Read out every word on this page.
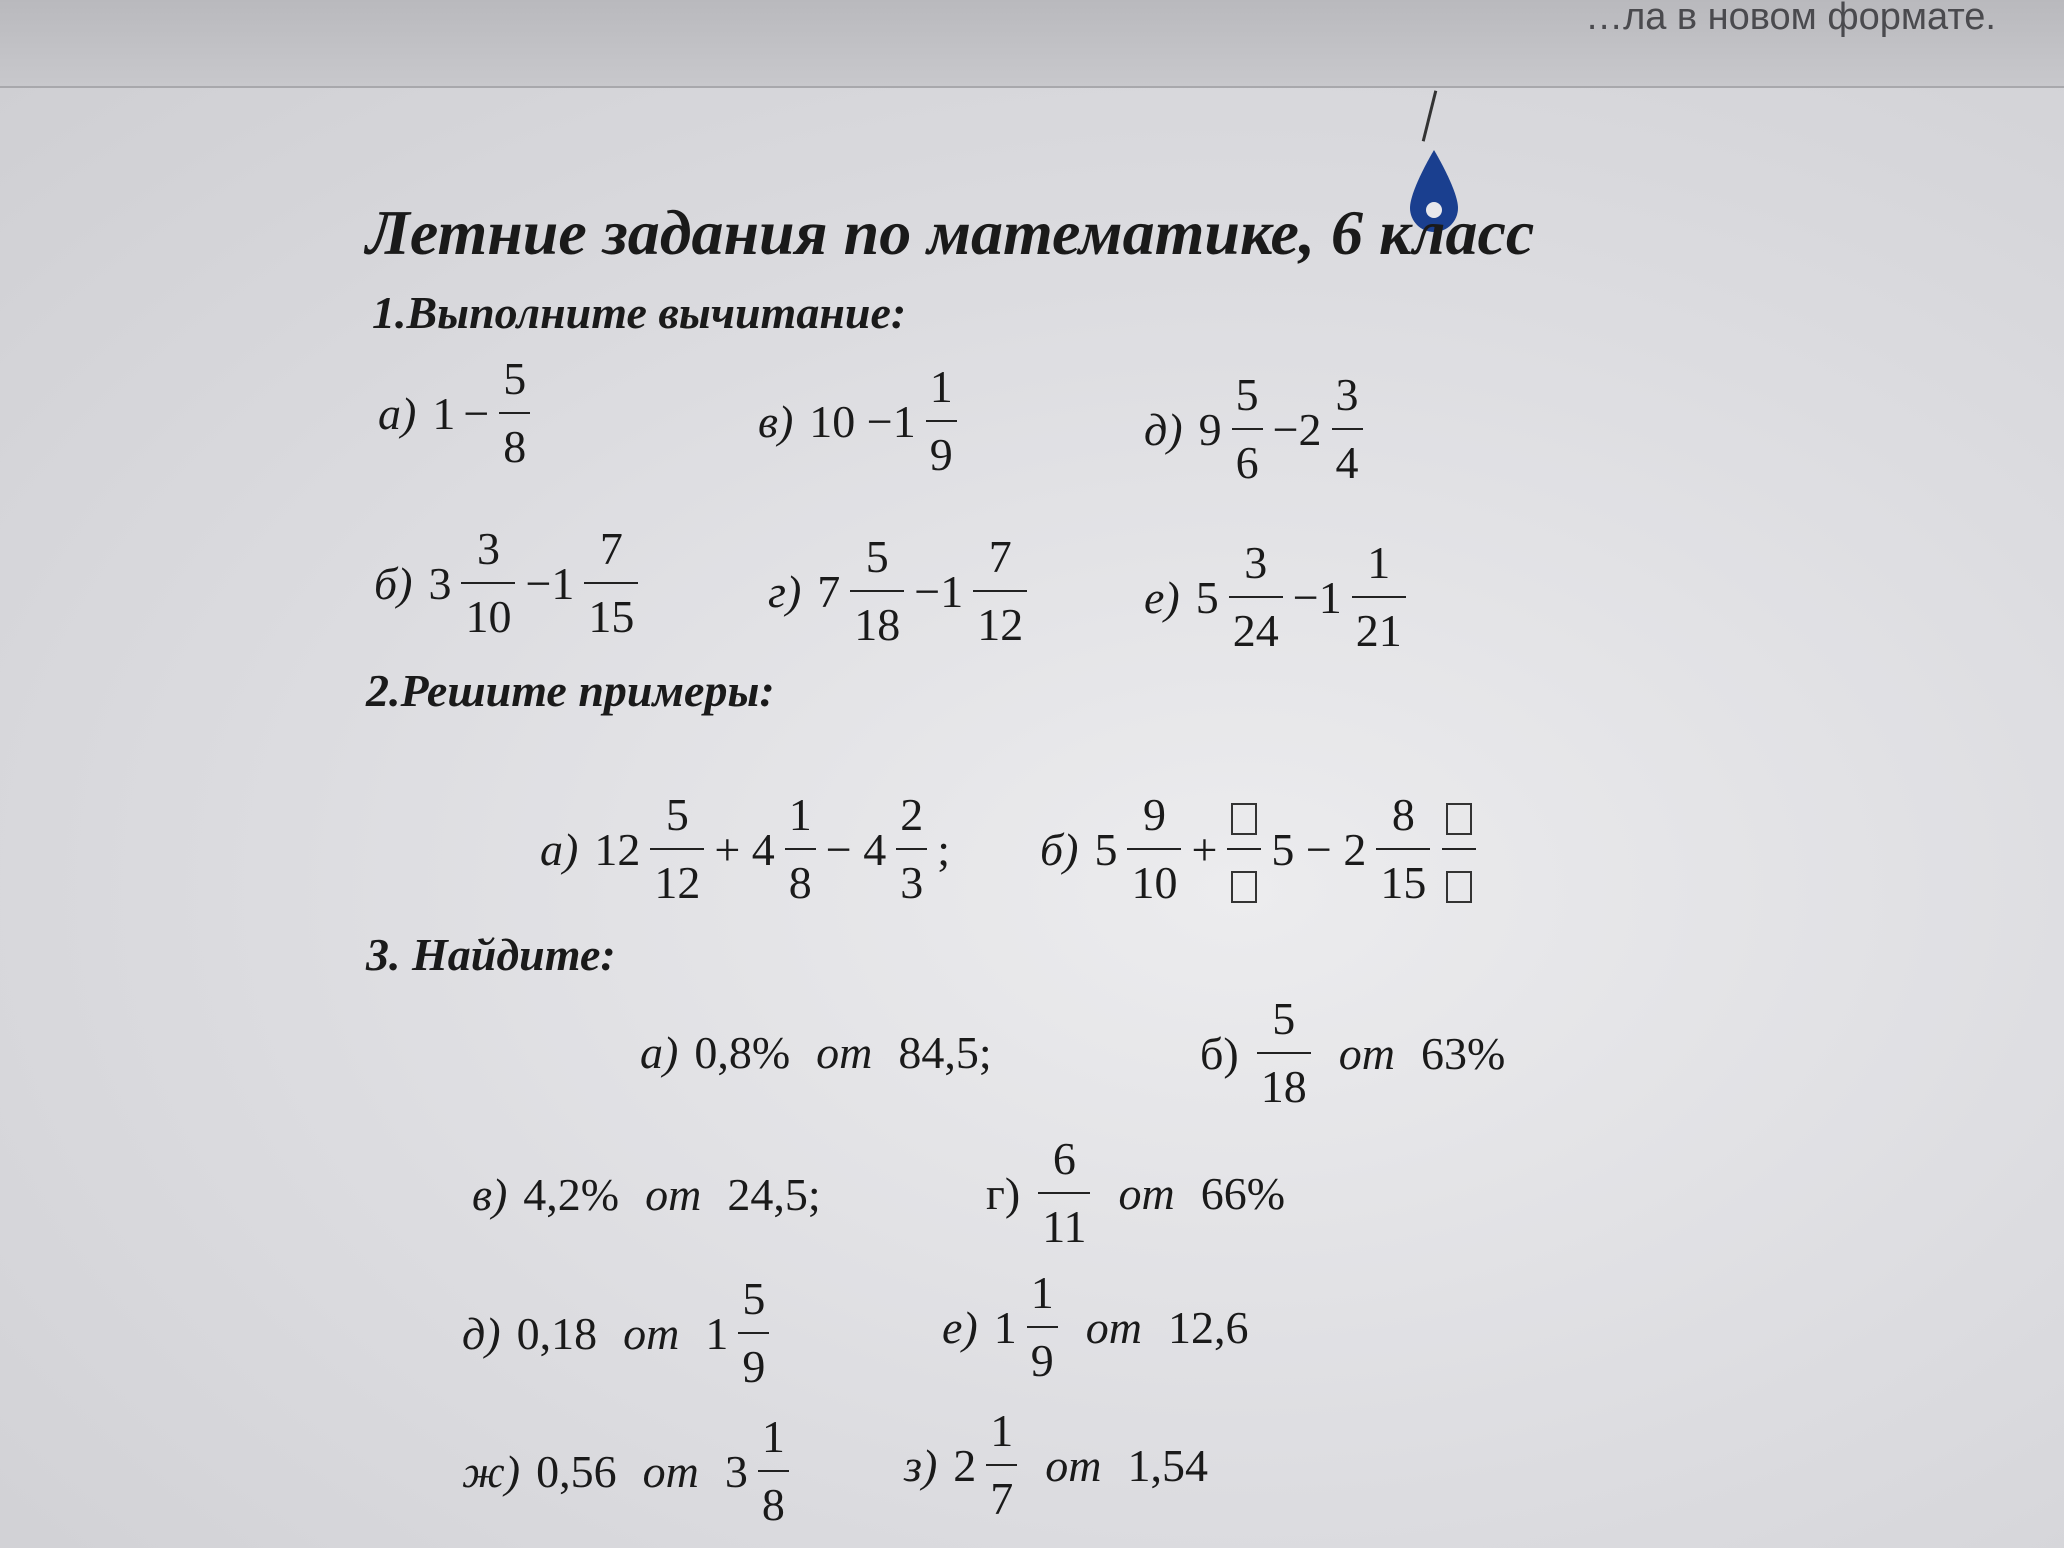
…ла в новом формате.
Летние задания по математике, 6 класс
1.Выполните вычитание:
а) $1 - \frac{5}{8}$	в) $10 -1 \frac{1}{9}$	д) $9 \frac{5}{6} -2 \frac{3}{4}$
б) $3 \frac{3}{10} -1 \frac{7}{15}$	г) $7 \frac{5}{18} -1 \frac{7}{12}$	е) $5 \frac{3}{24} -1 \frac{1}{21}$
2.Решите примеры:
а) $12 \frac{5}{12} + 4 \frac{1}{8} - 4 \frac{2}{3}$ ; б) $5 \frac{9}{10} + 5 - 2 \frac{8}{15}$
3. Найдите:
а) 0,8% от 84,5;	$б) \frac{5}{18}$ от 63%
в) 4,2% от 24,5;	$г) \frac{6}{11}$ от 66%
д) 0,18 от $1 \frac{5}{9}$	е) $1 \frac{1}{9}$ от 12,6
ж) 0,56 от $3 \frac{1}{8}$	з) $2 \frac{1}{7}$ от 1,54
